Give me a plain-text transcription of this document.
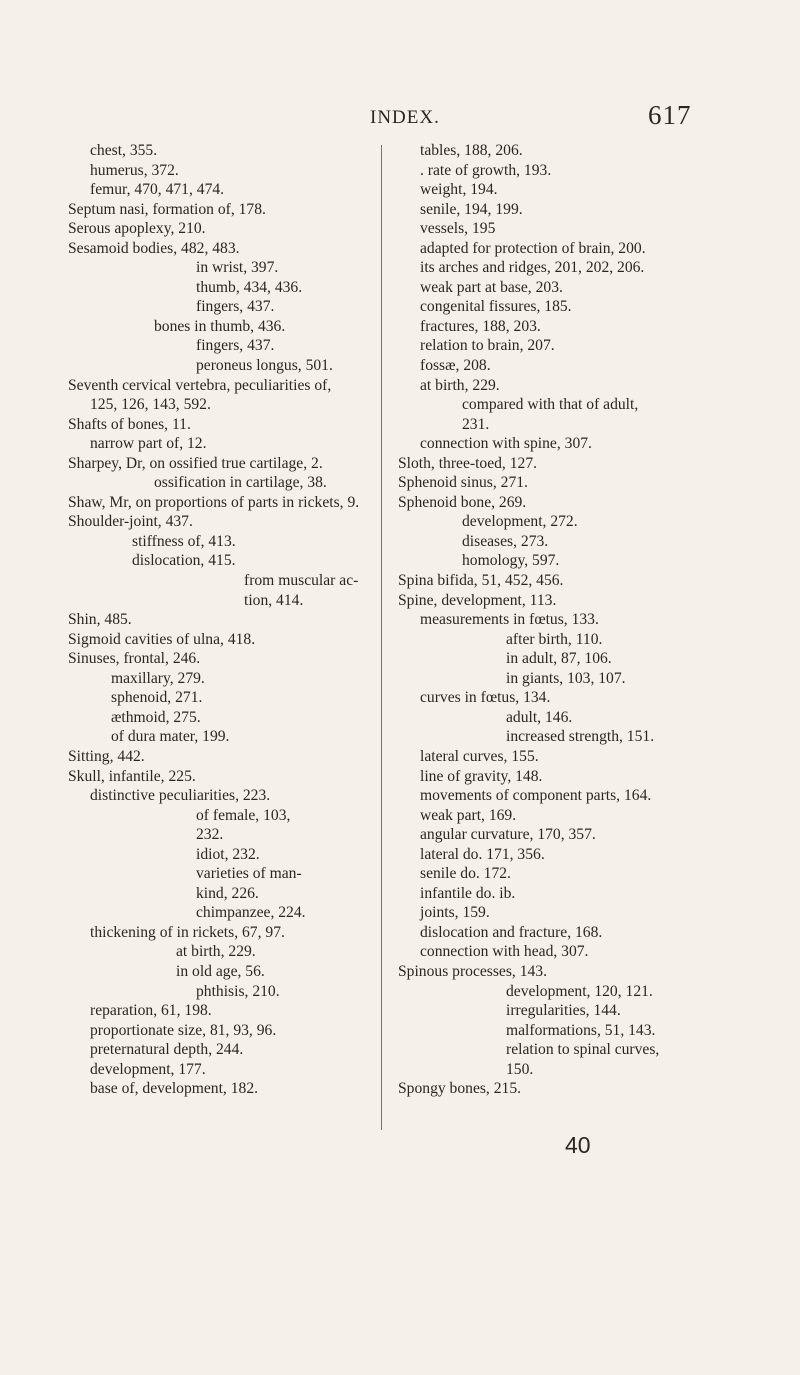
INDEX.	617
chest, 355.
humerus, 372.
femur, 470, 471, 474.
Septum nasi, formation of, 178.
Serous apoplexy, 210.
Sesamoid bodies, 482, 483.
in wrist, 397.
thumb, 434, 436.
fingers, 437.
bones in thumb, 436.
fingers, 437.
peroneus longus, 501.
Seventh cervical vertebra, peculiarities of,
125, 126, 143, 592.
Shafts of bones, 11.
narrow part of, 12.
Sharpey, Dr, on ossified true cartilage, 2.
ossification in cartilage, 38.
Shaw, Mr, on proportions of parts in rickets, 9.
Shoulder-joint, 437.
stiffness of, 413.
dislocation, 415.
from muscular ac-
tion, 414.
Shin, 485.
Sigmoid cavities of ulna, 418.
Sinuses, frontal, 246.
maxillary, 279.
sphenoid, 271.
æthmoid, 275.
of dura mater, 199.
Sitting, 442.
Skull, infantile, 225.
distinctive peculiarities, 223.
of female, 103,
232.
idiot, 232.
varieties of man-
kind, 226.
chimpanzee, 224.
thickening of in rickets, 67, 97.
at birth, 229.
in old age, 56.
phthisis, 210.
reparation, 61, 198.
proportionate size, 81, 93, 96.
preternatural depth, 244.
development, 177.
base of, development, 182.
tables, 188, 206.
. rate of growth, 193.
weight, 194.
senile, 194, 199.
vessels, 195
adapted for protection of brain, 200.
its arches and ridges, 201, 202, 206.
weak part at base, 203.
congenital fissures, 185.
fractures, 188, 203.
relation to brain, 207.
fossæ, 208.
at birth, 229.
compared with that of adult,
231.
connection with spine, 307.
Sloth, three-toed, 127.
Sphenoid sinus, 271.
Sphenoid bone, 269.
development, 272.
diseases, 273.
homology, 597.
Spina bifida, 51, 452, 456.
Spine, development, 113.
measurements in fœtus, 133.
after birth, 110.
in adult, 87, 106.
in giants, 103, 107.
curves in fœtus, 134.
adult, 146.
increased strength, 151.
lateral curves, 155.
line of gravity, 148.
movements of component parts, 164.
weak part, 169.
angular curvature, 170, 357.
lateral do. 171, 356.
senile do. 172.
infantile do. ib.
joints, 159.
dislocation and fracture, 168.
connection with head, 307.
Spinous processes, 143.
development, 120, 121.
irregularities, 144.
malformations, 51, 143.
relation to spinal curves,
150.
Spongy bones, 215.
40
